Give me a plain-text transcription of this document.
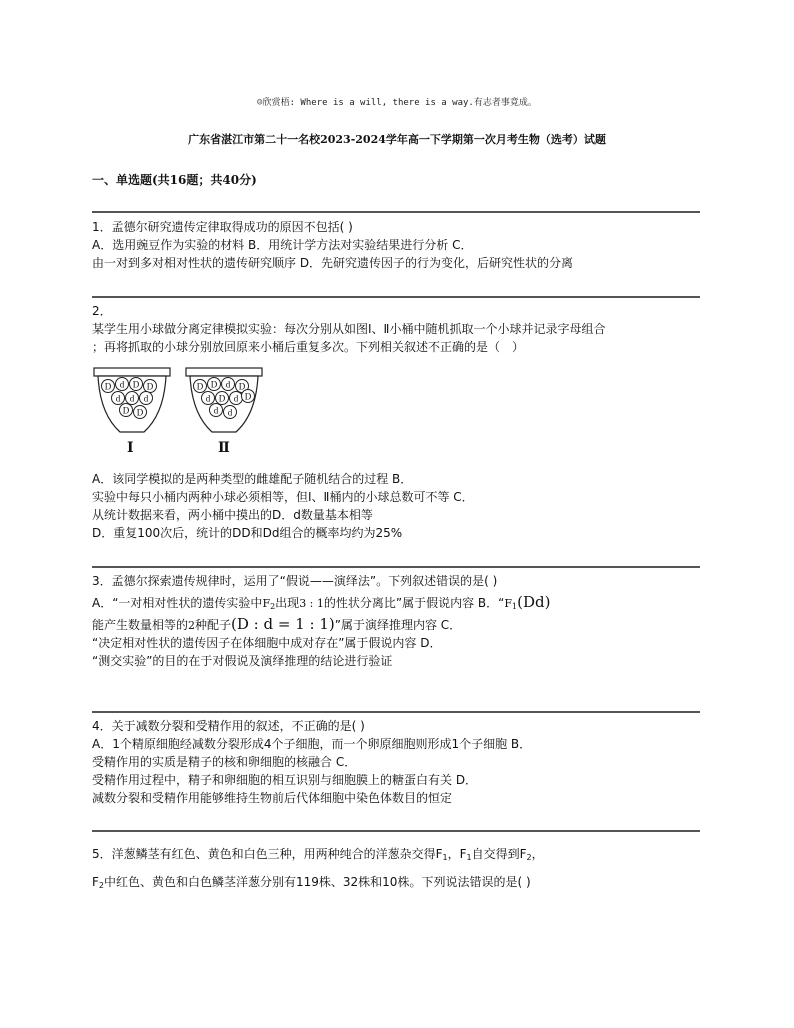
☺欣赏梧: Where is a will, there is a way.有志者事竟成。
广东省湛江市第二十一名校2023-2024学年高一下学期第一次月考生物（选考）试题
一、单选题(共16题；共40分)
1．孟德尔研究遗传定律取得成功的原因不包括( )
A．选用豌豆作为实验的材料 B．用统计学方法对实验结果进行分析 C．
由一对到多对相对性状的遗传研究顺序 D．先研究遗传因子的行为变化，后研究性状的分离
2．
某学生用小球做分离定律模拟实验：每次分别从如图Ⅰ、Ⅱ小桶中随机抓取一个小球并记录字母组合
；再将抓取的小球分别放回原来小桶后重复多次。下列相关叙述不正确的是（　）
D d D D
d d d
D D
D D d D
d D d D
d d
Ⅰ	Ⅱ
A．该同学模拟的是两种类型的雌雄配子随机结合的过程 B．
实验中每只小桶内两种小球必须相等，但Ⅰ、Ⅱ桶内的小球总数可不等 C．
从统计数据来看，两小桶中摸出的D．d数量基本相等
D．重复100次后，统计的DD和Dd组合的概率均约为25%
3．孟德尔探索遗传规律时，运用了“假说——演绎法”。下列叙述错误的是( )
A．“一对相对性状的遗传实验中$F^2$出现3 : 1的性状分离比”属于假说内容 B．“$F_1(Dd)$
能产生数量相等的2种配子(D : d = 1 : 1)”属于演绎推理内容 C．
“决定相对性状的遗传因子在体细胞中成对存在”属于假说内容 D．
“测交实验”的目的在于对假说及演绎推理的结论进行验证
4．关于减数分裂和受精作用的叙述，不正确的是( )
A．1个精原细胞经减数分裂形成4个子细胞，而一个卵原细胞则形成1个子细胞 B．
受精作用的实质是精子的核和卵细胞的核融合 C．
受精作用过程中，精子和卵细胞的相互识别与细胞膜上的糖蛋白有关 D．
减数分裂和受精作用能够维持生物前后代体细胞中染色体数目的恒定
5．洋葱鳞茎有红色、黄色和白色三种，用两种纯合的洋葱杂交得$F_1$，$F_1$自交得到$F_2$，
$F_2$中红色、黄色和白色鳞茎洋葱分别有119株、32株和10株。下列说法错误的是( )
